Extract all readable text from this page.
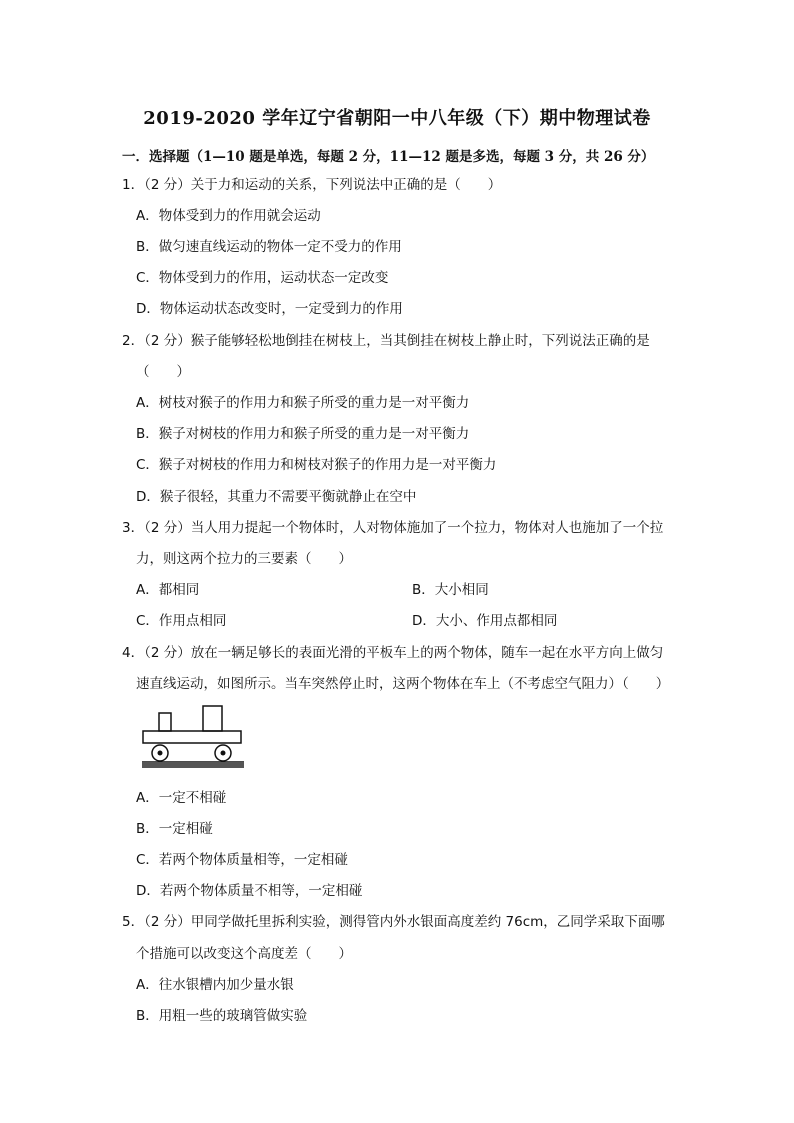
2019-2020 学年辽宁省朝阳一中八年级（下）期中物理试卷
一．选择题（1—10 题是单选，每题 2 分，11—12 题是多选，每题 3 分，共 26 分）
1．（2 分）关于力和运动的关系，下列说法中正确的是（　　）
A．物体受到力的作用就会运动
B．做匀速直线运动的物体一定不受力的作用
C．物体受到力的作用，运动状态一定改变
D．物体运动状态改变时，一定受到力的作用
2．（2 分）猴子能够轻松地倒挂在树枝上，当其倒挂在树枝上静止时，下列说法正确的是
（　　）
A．树枝对猴子的作用力和猴子所受的重力是一对平衡力
B．猴子对树枝的作用力和猴子所受的重力是一对平衡力
C．猴子对树枝的作用力和树枝对猴子的作用力是一对平衡力
D．猴子很轻，其重力不需要平衡就静止在空中
3．（2 分）当人用力提起一个物体时，人对物体施加了一个拉力，物体对人也施加了一个拉
力，则这两个拉力的三要素（　　）
A．都相同	B．大小相同
C．作用点相同	D．大小、作用点都相同
4．（2 分）放在一辆足够长的表面光滑的平板车上的两个物体，随车一起在水平方向上做匀
速直线运动，如图所示。当车突然停止时，这两个物体在车上（不考虑空气阻力）（　　）
A．一定不相碰
B．一定相碰
C．若两个物体质量相等，一定相碰
D．若两个物体质量不相等，一定相碰
5．（2 分）甲同学做托里拆利实验，测得管内外水银面高度差约 76cm，乙同学采取下面哪
个措施可以改变这个高度差（　　）
A．往水银槽内加少量水银
B．用粗一些的玻璃管做实验
